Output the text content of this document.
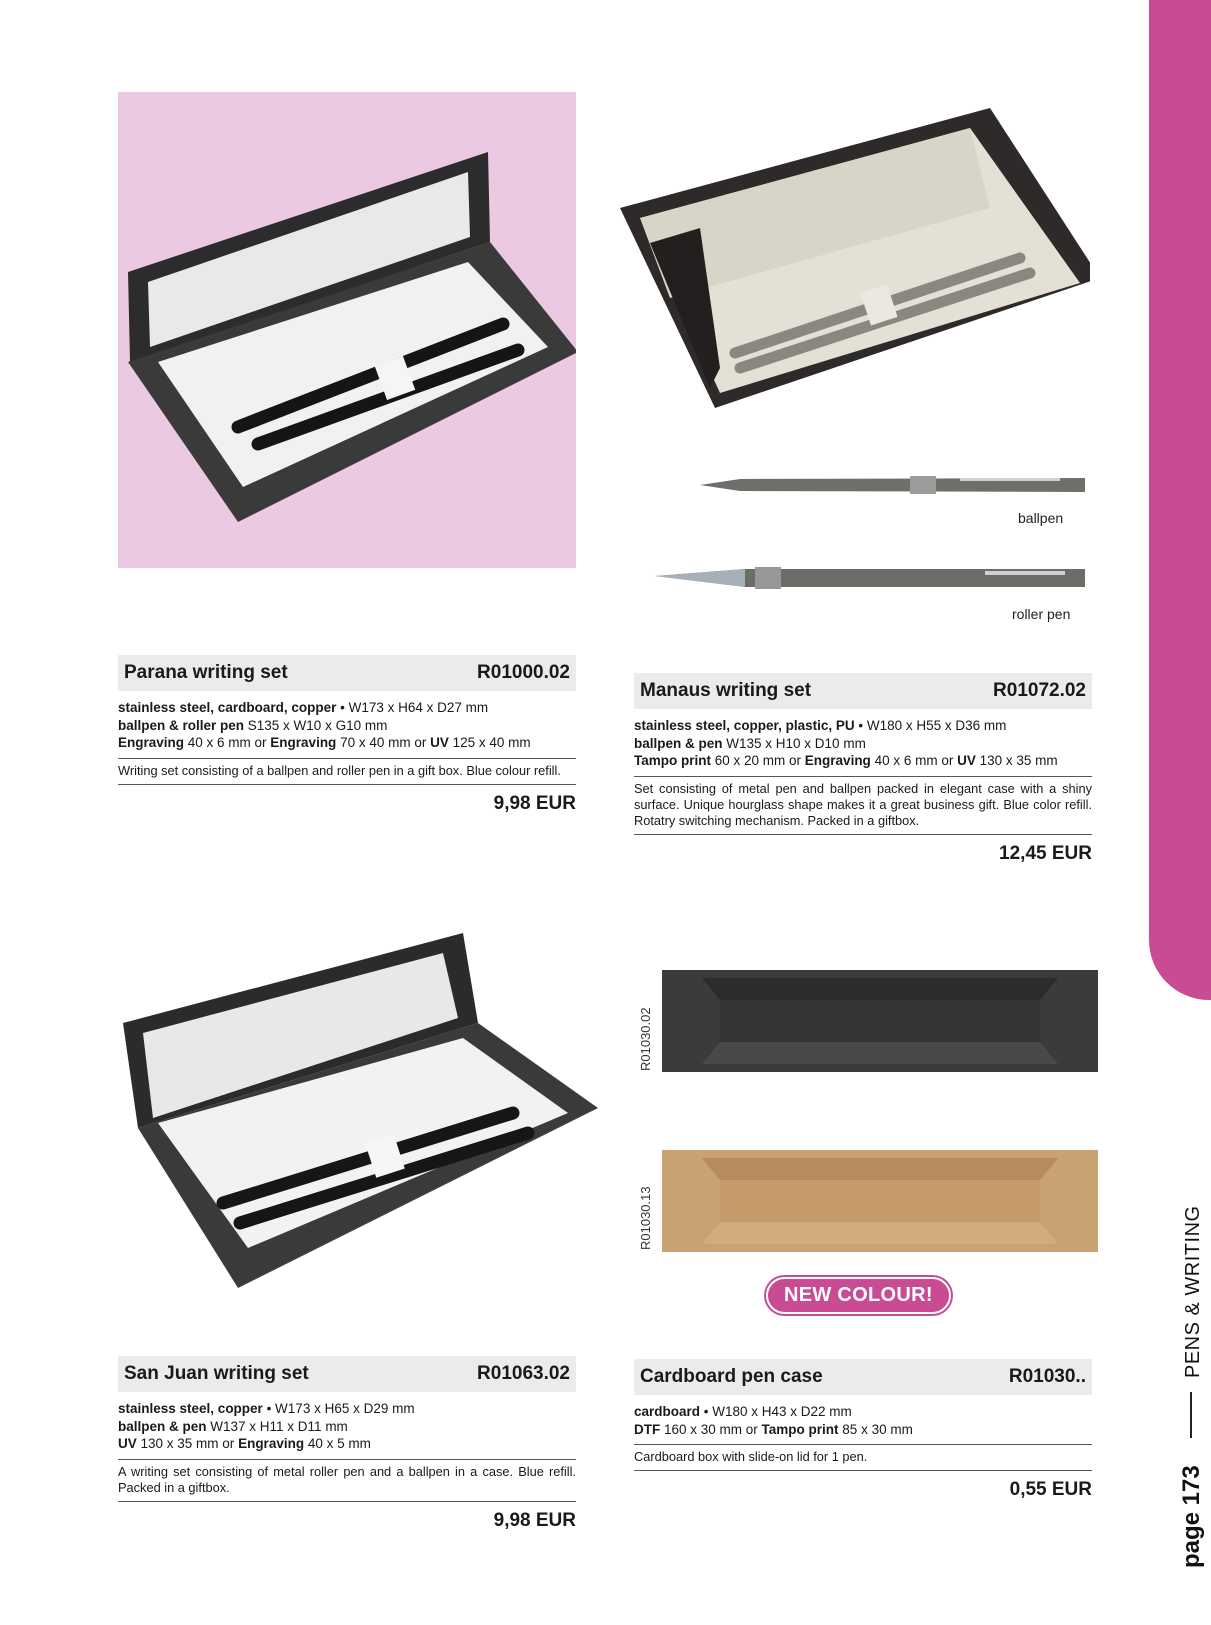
PENS & WRITING
page 173
Parana writing set	R01000.02
stainless steel, cardboard, copper • W173 x H64 x D27 mm
ballpen & roller pen S135 x W10 x G10 mm
Engraving 40 x 6 mm or Engraving 70 x 40 mm or UV 125 x 40 mm
Writing set consisting of a ballpen and roller pen in a gift box. Blue colour refill.
9,98 EUR
ballpen
roller pen
Manaus writing set	R01072.02
stainless steel, copper, plastic, PU • W180 x H55 x D36 mm
ballpen & pen W135 x H10 x D10 mm
Tampo print 60 x 20 mm or Engraving 40 x 6 mm or UV 130 x 35 mm
Set consisting of metal pen and ballpen packed in elegant case with a shiny surface. Unique hourglass shape makes it a great business gift. Blue color refill. Rotatry switching mechanism. Packed in a giftbox.
12,45 EUR
San Juan writing set	R01063.02
stainless steel, copper • W173 x H65 x D29 mm
ballpen & pen W137 x H11 x D11 mm
UV 130 x 35 mm or Engraving 40 x 5 mm
A writing set consisting of metal roller pen and a ballpen in a case. Blue refill. Packed in a giftbox.
9,98 EUR
R01030.02
R01030.13
NEW COLOUR!
Cardboard pen case	R01030..
cardboard • W180 x H43 x D22 mm
DTF 160 x 30 mm or Tampo print 85 x 30 mm
Cardboard box with slide-on lid for 1 pen.
0,55 EUR
